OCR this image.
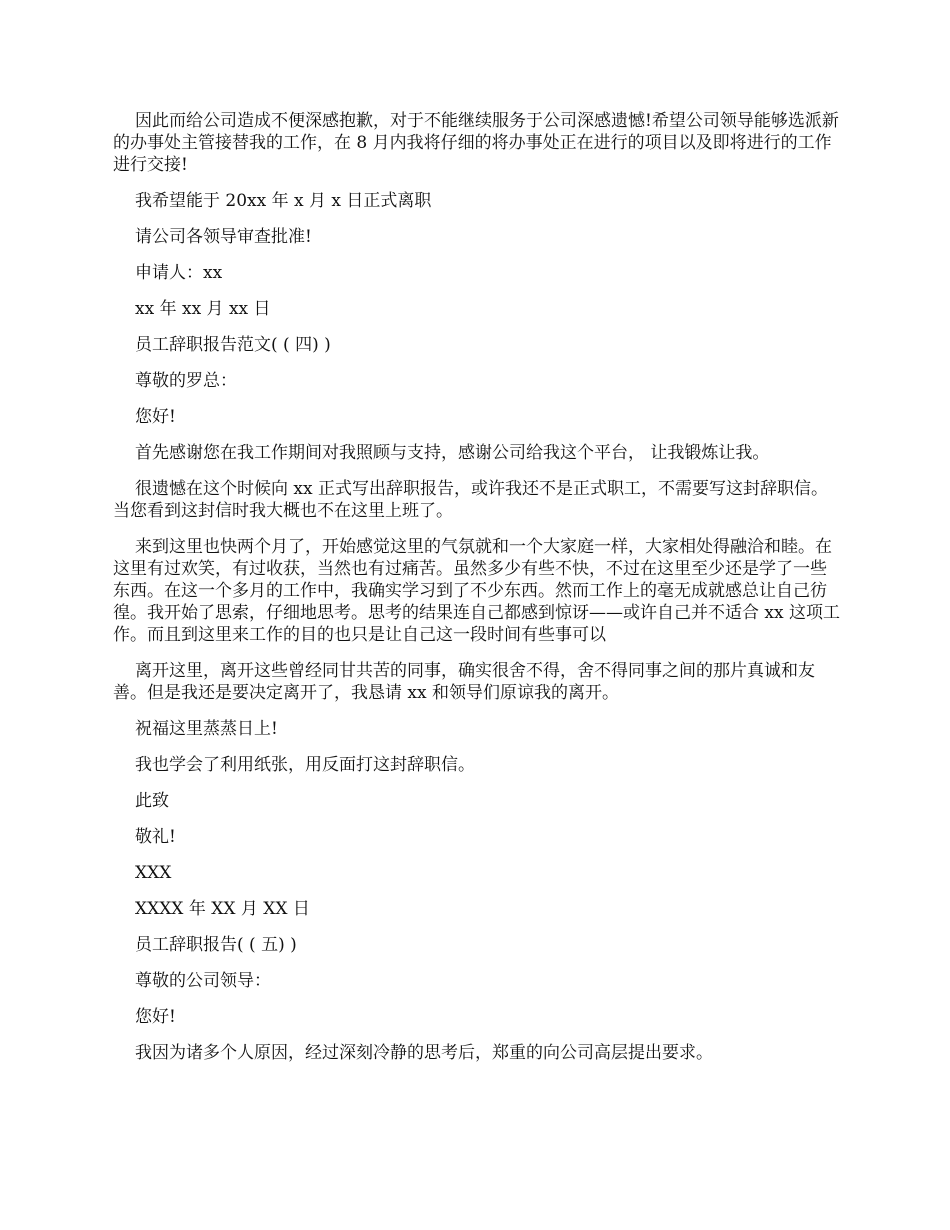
因此而给公司造成不便深感抱歉，对于不能继续服务于公司深感遗憾!希望公司领导能够选派新的办事处主管接替我的工作，在 8 月内我将仔细的将办事处正在进行的项目以及即将进行的工作进行交接!

我希望能于 20xx 年 x 月 x 日正式离职

请公司各领导审查批准!

申请人：xx

xx 年 xx 月 xx 日

员工辞职报告范文( ( 四) )

尊敬的罗总：

您好!

首先感谢您在我工作期间对我照顾与支持，感谢公司给我这个平台， 让我锻炼让我。

很遗憾在这个时候向 xx 正式写出辞职报告，或许我还不是正式职工，不需要写这封辞职信。当您看到这封信时我大概也不在这里上班了。

来到这里也快两个月了，开始感觉这里的气氛就和一个大家庭一样，大家相处得融洽和睦。在这里有过欢笑，有过收获，当然也有过痛苦。虽然多少有些不快，不过在这里至少还是学了一些东西。在这一个多月的工作中，我确实学习到了不少东西。然而工作上的毫无成就感总让自己彷徨。我开始了思索，仔细地思考。思考的结果连自己都感到惊讶——或许自己并不适合 xx 这项工作。而且到这里来工作的目的也只是让自己这一段时间有些事可以

离开这里，离开这些曾经同甘共苦的同事，确实很舍不得，舍不得同事之间的那片真诚和友善。但是我还是要决定离开了，我恳请 xx 和领导们原谅我的离开。

祝福这里蒸蒸日上!

我也学会了利用纸张，用反面打这封辞职信。

此致

敬礼!

XXX

XXXX 年 XX 月 XX 日

员工辞职报告( ( 五) )

尊敬的公司领导：

您好!

我因为诸多个人原因，经过深刻冷静的思考后，郑重的向公司高层提出要求。
